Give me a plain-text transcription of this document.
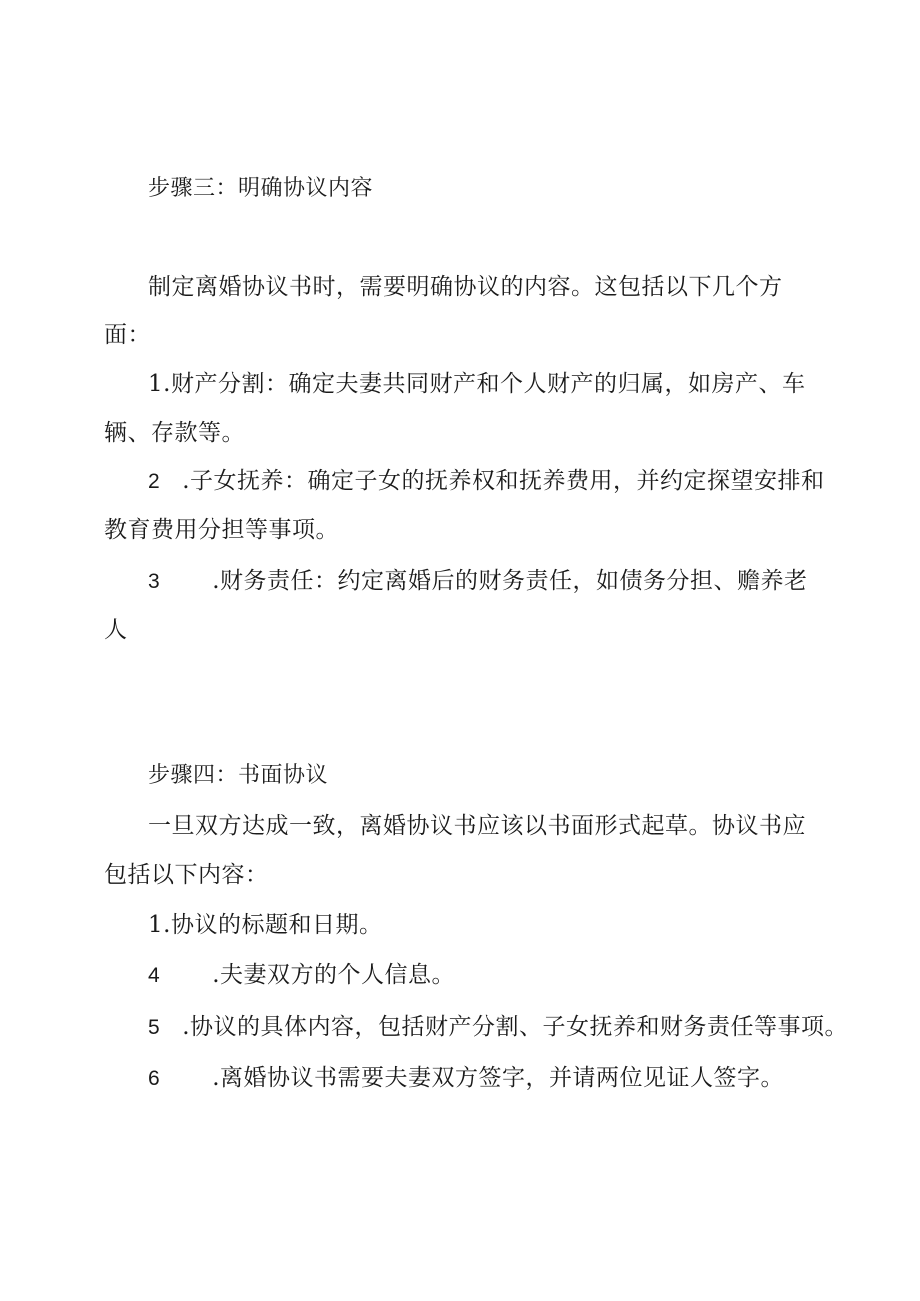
步骤三：明确协议内容
制定离婚协议书时，需要明确协议的内容。这包括以下几个方
面：
1.财产分割：确定夫妻共同财产和个人财产的归属，如房产、车
辆、存款等。
2 .子女抚养：确定子女的抚养权和抚养费用，并约定探望安排和
教育费用分担等事项。
3 .财务责任：约定离婚后的财务责任，如债务分担、赡养老
人
步骤四：书面协议
一旦双方达成一致，离婚协议书应该以书面形式起草。协议书应
包括以下内容：
1.协议的标题和日期。
4 .夫妻双方的个人信息。
5 .协议的具体内容，包括财产分割、子女抚养和财务责任等事项。
6 .离婚协议书需要夫妻双方签字，并请两位见证人签字。
